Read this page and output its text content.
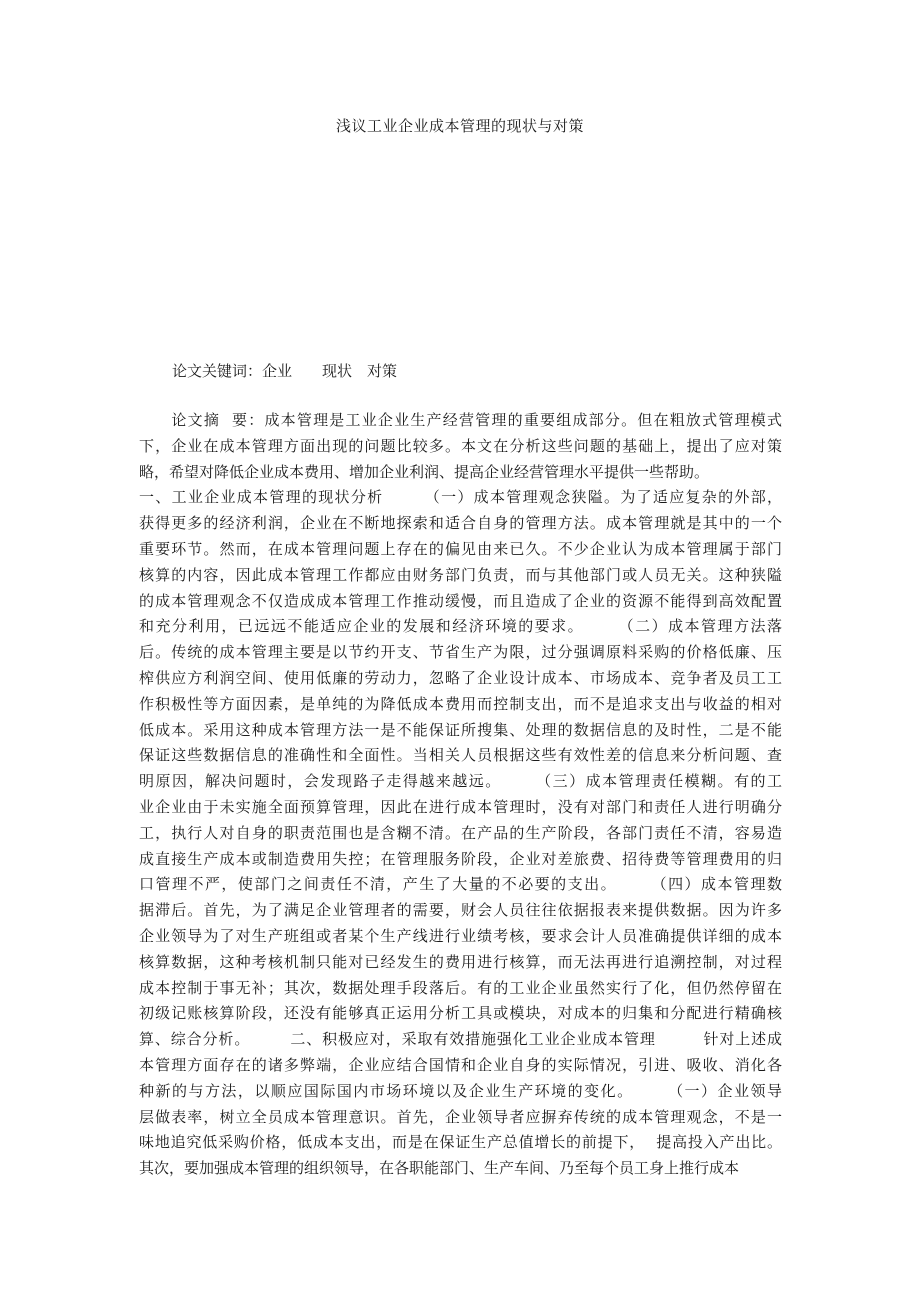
浅议工业企业成本管理的现状与对策
论文关键词：企业　　现状　对策
　　论文摘  要：成本管理是工业企业生产经营管理的重要组成部分。但在粗放式管理模式
下，企业在成本管理方面出现的问题比较多。本文在分析这些问题的基础上，提出了应对策
略，希望对降低企业成本费用、增加企业利润、提高企业经营管理水平提供一些帮助。
一、工业企业成本管理的现状分析　　　（一）成本管理观念狭隘。为了适应复杂的外部，
获得更多的经济利润，企业在不断地探索和适合自身的管理方法。成本管理就是其中的一个
重要环节。然而，在成本管理问题上存在的偏见由来已久。不少企业认为成本管理属于部门
核算的内容，因此成本管理工作都应由财务部门负责，而与其他部门或人员无关。这种狭隘
的成本管理观念不仅造成成本管理工作推动缓慢，而且造成了企业的资源不能得到高效配置
和充分利用，已远远不能适应企业的发展和经济环境的要求。　　　（二）成本管理方法落
后。传统的成本管理主要是以节约开支、节省生产为限，过分强调原料采购的价格低廉、压
榨供应方利润空间、使用低廉的劳动力，忽略了企业设计成本、市场成本、竞争者及员工工
作积极性等方面因素，是单纯的为降低成本费用而控制支出，而不是追求支出与收益的相对
低成本。采用这种成本管理方法一是不能保证所搜集、处理的数据信息的及时性，二是不能
保证这些数据信息的准确性和全面性。当相关人员根据这些有效性差的信息来分析问题、查
明原因，解决问题时，会发现路子走得越来越远。　　　（三）成本管理责任模糊。有的工
业企业由于未实施全面预算管理，因此在进行成本管理时，没有对部门和责任人进行明确分
工，执行人对自身的职责范围也是含糊不清。在产品的生产阶段，各部门责任不清，容易造
成直接生产成本或制造费用失控；在管理服务阶段，企业对差旅费、招待费等管理费用的归
口管理不严，使部门之间责任不清，产生了大量的不必要的支出。　　　（四）成本管理数
据滞后。首先，为了满足企业管理者的需要，财会人员往往依据报表来提供数据。因为许多
企业领导为了对生产班组或者某个生产线进行业绩考核，要求会计人员准确提供详细的成本
核算数据，这种考核机制只能对已经发生的费用进行核算，而无法再进行追溯控制，对过程
成本控制于事无补；其次，数据处理手段落后。有的工业企业虽然实行了化，但仍然停留在
初级记账核算阶段，还没有能够真正运用分析工具或模块，对成本的归集和分配进行精确核
算、综合分析。　　　二、积极应对，采取有效措施强化工业企业成本管理　　　针对上述成
本管理方面存在的诸多弊端，企业应结合国情和企业自身的实际情况，引进、吸收、消化各
种新的与方法，以顺应国际国内市场环境以及企业生产环境的变化。　　　（一）企业领导
层做表率，树立全员成本管理意识。首先，企业领导者应摒弃传统的成本管理观念，不是一
味地追究低采购价格，低成本支出，而是在保证生产总值增长的前提下，  提高投入产出比。
其次，要加强成本管理的组织领导，在各职能部门、生产车间、乃至每个员工身上推行成本
